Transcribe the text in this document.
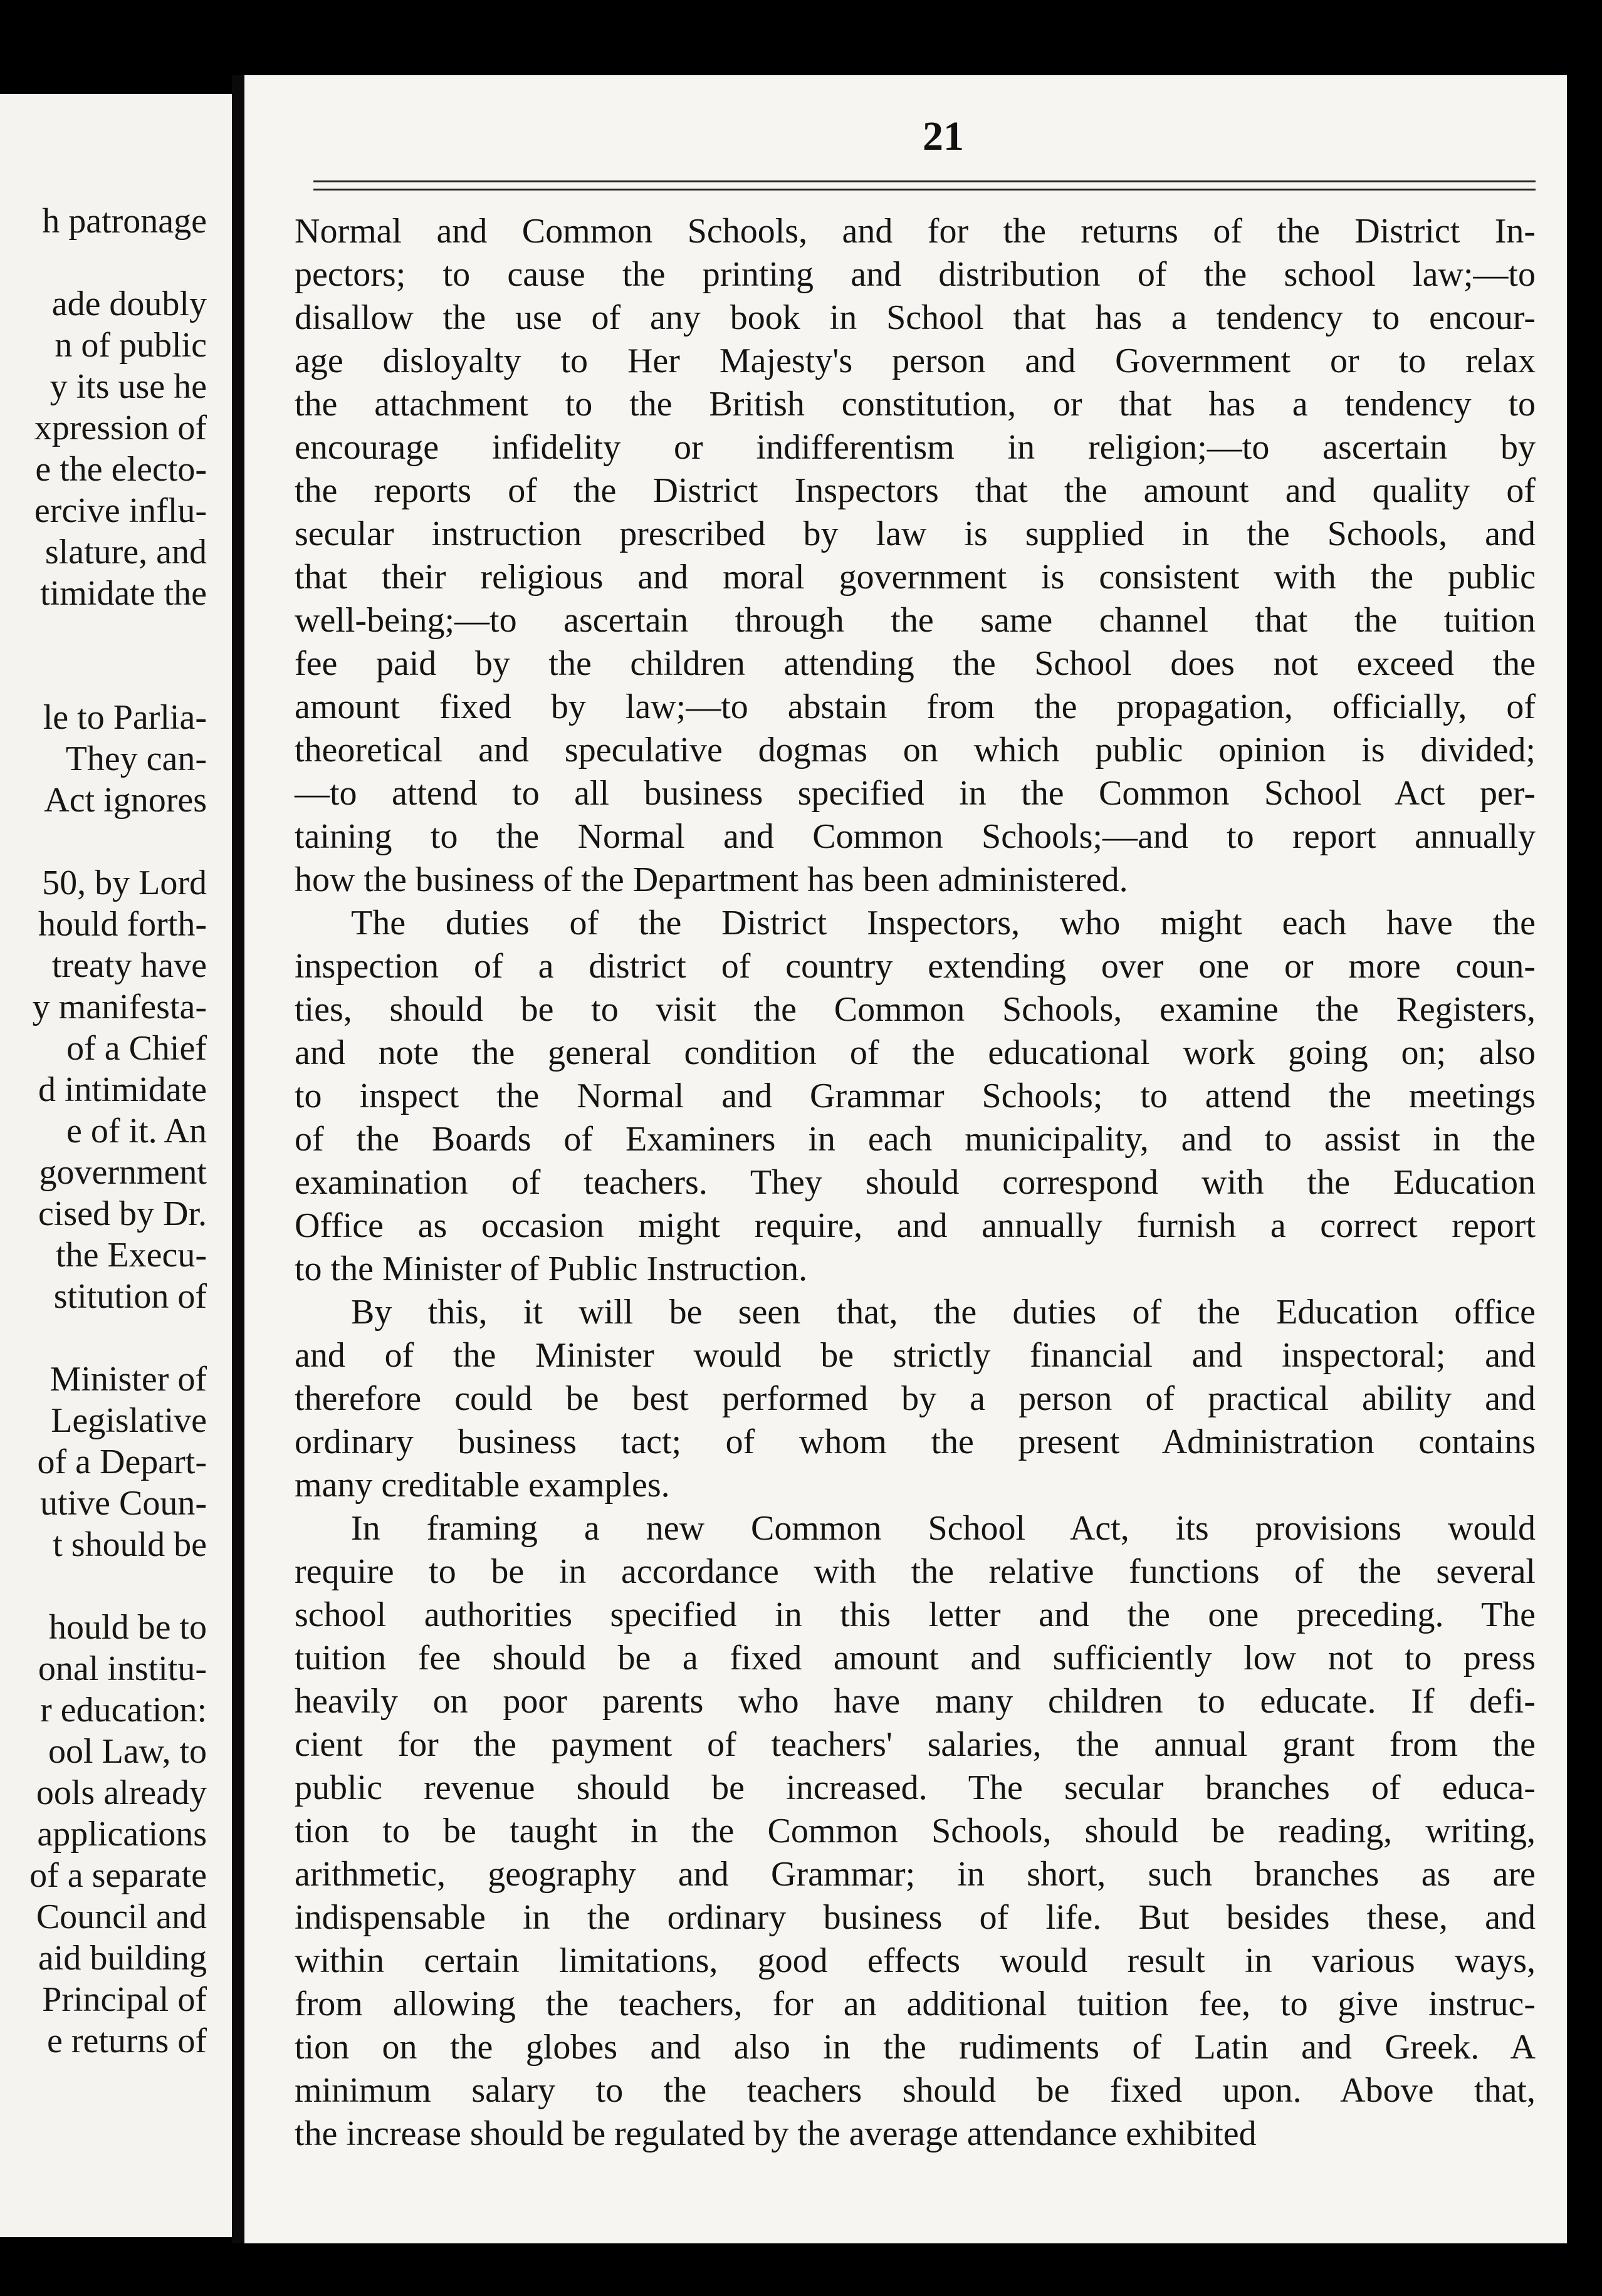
h patronage
ade doubly
n of public
y its use he
xpression of
e the electo-
ercive influ-
slature, and
timidate the
le to Parlia-
They can-
Act ignores
50, by Lord
hould forth-
treaty have
y manifesta-
of a Chief
d intimidate
e of it. An
government
cised by Dr.
the Execu-
stitution of
Minister of
Legislative
of a Depart-
utive Coun-
t should be
hould be to
onal institu-
r education:
ool Law, to
ools already
applications
of a separate
Council and
aid building
Principal of
e returns of
21
Normal and Common Schools, and for the returns of the District In-
pectors; to cause the printing and distribution of the school law;—to
disallow the use of any book in School that has a tendency to encour-
age disloyalty to Her Majesty's person and Government or to relax
the attachment to the British constitution, or that has a tendency to
encourage infidelity or indifferentism in religion;—to ascertain by
the reports of the District Inspectors that the amount and quality of
secular instruction prescribed by law is supplied in the Schools, and
that their religious and moral government is consistent with the public
well-being;—to ascertain through the same channel that the tuition
fee paid by the children attending the School does not exceed the
amount fixed by law;—to abstain from the propagation, officially, of
theoretical and speculative dogmas on which public opinion is divided;
—to attend to all business specified in the Common School Act per-
taining to the Normal and Common Schools;—and to report annually
how the business of the Department has been administered.
The duties of the District Inspectors, who might each have the
inspection of a district of country extending over one or more coun-
ties, should be to visit the Common Schools, examine the Registers,
and note the general condition of the educational work going on; also
to inspect the Normal and Grammar Schools; to attend the meetings
of the Boards of Examiners in each municipality, and to assist in the
examination of teachers. They should correspond with the Education
Office as occasion might require, and annually furnish a correct report
to the Minister of Public Instruction.
By this, it will be seen that, the duties of the Education office
and of the Minister would be strictly financial and inspectoral; and
therefore could be best performed by a person of practical ability and
ordinary business tact; of whom the present Administration contains
many creditable examples.
In framing a new Common School Act, its provisions would
require to be in accordance with the relative functions of the several
school authorities specified in this letter and the one preceding. The
tuition fee should be a fixed amount and sufficiently low not to press
heavily on poor parents who have many children to educate. If defi-
cient for the payment of teachers' salaries, the annual grant from the
public revenue should be increased. The secular branches of educa-
tion to be taught in the Common Schools, should be reading, writing,
arithmetic, geography and Grammar; in short, such branches as are
indispensable in the ordinary business of life. But besides these, and
within certain limitations, good effects would result in various ways,
from allowing the teachers, for an additional tuition fee, to give instruc-
tion on the globes and also in the rudiments of Latin and Greek. A
minimum salary to the teachers should be fixed upon. Above that,
the increase should be regulated by the average attendance exhibited
